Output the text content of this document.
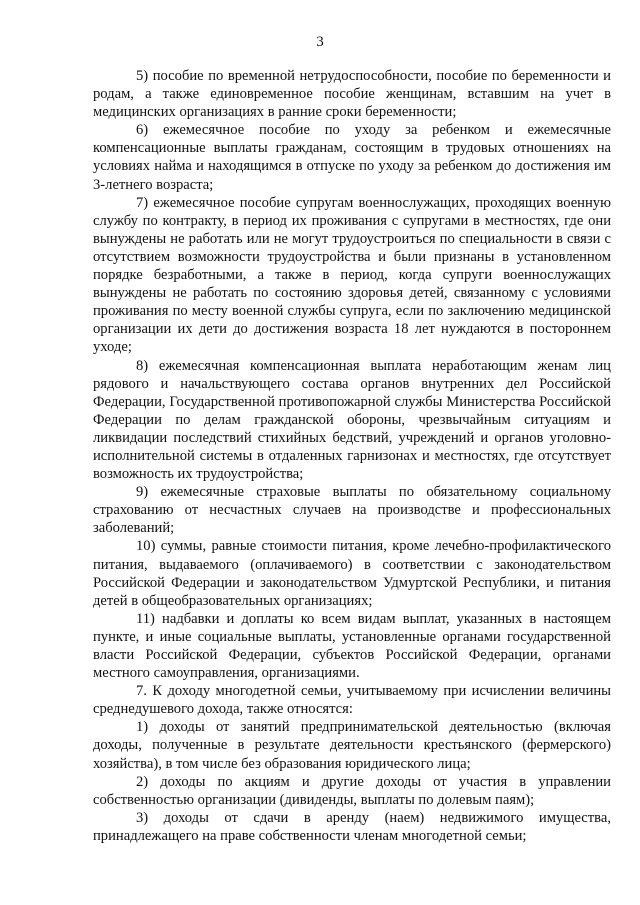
3

5) пособие по временной нетрудоспособности, пособие по беременности и родам, а также единовременное пособие женщинам, вставшим на учет в медицинских организациях в ранние сроки беременности;

6) ежемесячное пособие по уходу за ребенком и ежемесячные компенсационные выплаты гражданам, состоящим в трудовых отношениях на условиях найма и находящимся в отпуске по уходу за ребенком до достижения им 3-летнего возраста;

7) ежемесячное пособие супругам военнослужащих, проходящих военную службу по контракту, в период их проживания с супругами в местностях, где они вынуждены не работать или не могут трудоустроиться по специальности в связи с отсутствием возможности трудоустройства и были признаны в установленном порядке безработными, а также в период, когда супруги военнослужащих вынуждены не работать по состоянию здоровья детей, связанному с условиями проживания по месту военной службы супруга, если по заключению медицинской организации их дети до достижения возраста 18 лет нуждаются в постороннем уходе;

8) ежемесячная компенсационная выплата неработающим женам лиц рядового и начальствующего состава органов внутренних дел Российской Федерации, Государственной противопожарной службы Министерства Российской Федерации по делам гражданской обороны, чрезвычайным ситуациям и ликвидации последствий стихийных бедствий, учреждений и органов уголовно-исполнительной системы в отдаленных гарнизонах и местностях, где отсутствует возможность их трудоустройства;

9) ежемесячные страховые выплаты по обязательному социальному страхованию от несчастных случаев на производстве и профессиональных заболеваний;

10) суммы, равные стоимости питания, кроме лечебно-профилактического питания, выдаваемого (оплачиваемого) в соответствии с законодательством Российской Федерации и законодательством Удмуртской Республики, и питания детей в общеобразовательных организациях;

11) надбавки и доплаты ко всем видам выплат, указанных в настоящем пункте, и иные социальные выплаты, установленные органами государственной власти Российской Федерации, субъектов Российской Федерации, органами местного самоуправления, организациями.

7. К доходу многодетной семьи, учитываемому при исчислении величины среднедушевого дохода, также относятся:

1) доходы от занятий предпринимательской деятельностью (включая доходы, полученные в результате деятельности крестьянского (фермерского) хозяйства), в том числе без образования юридического лица;

2) доходы по акциям и другие доходы от участия в управлении собственностью организации (дивиденды, выплаты по долевым паям);

3) доходы от сдачи в аренду (наем) недвижимого имущества, принадлежащего на праве собственности членам многодетной семьи;
